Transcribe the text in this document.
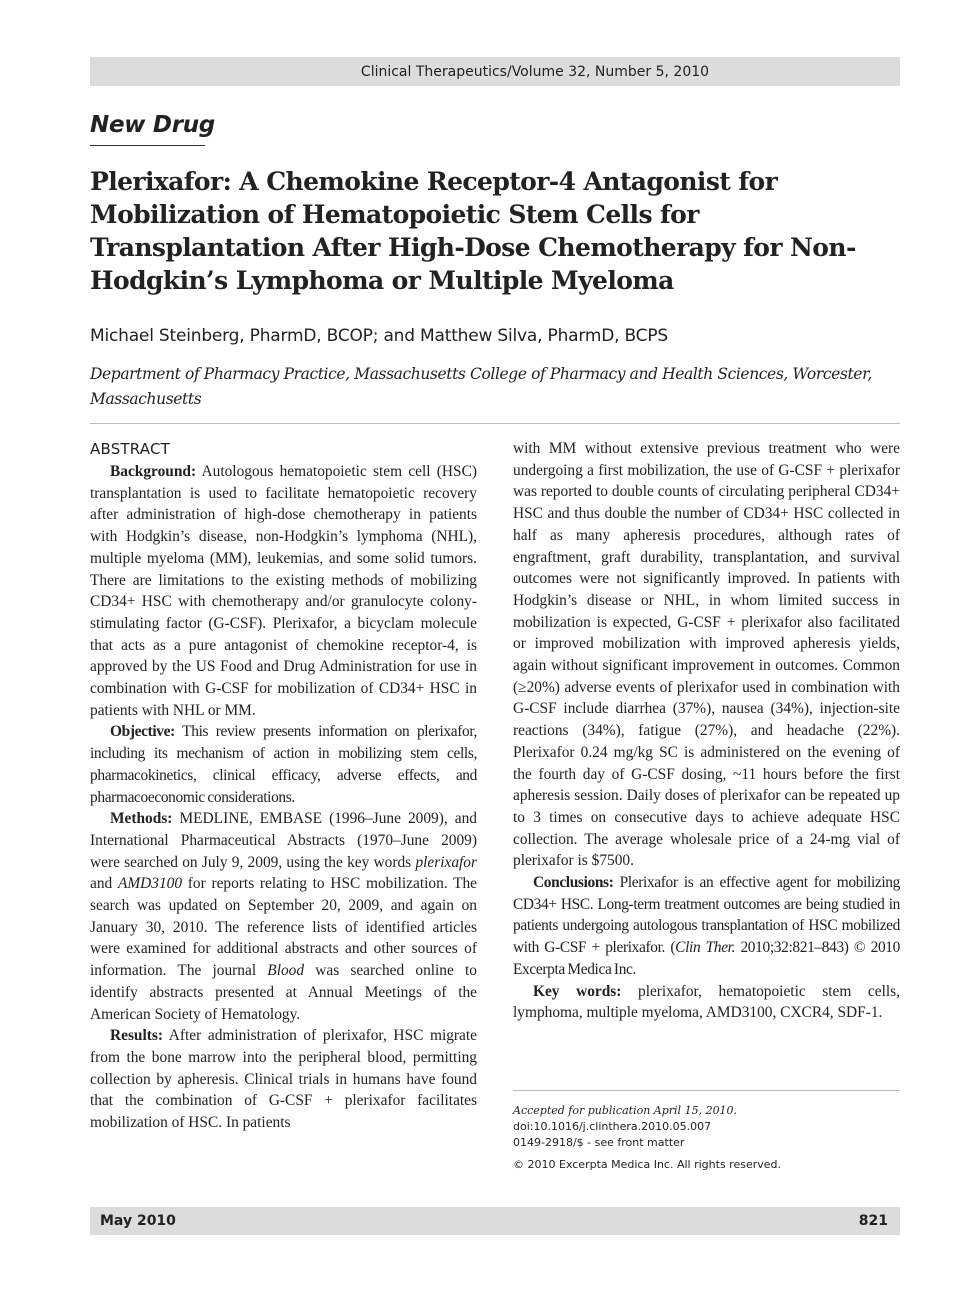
Clinical Therapeutics/Volume 32, Number 5, 2010
New Drug
Plerixafor: A Chemokine Receptor-4 Antagonist for Mobilization of Hematopoietic Stem Cells for Transplantation After High-Dose Chemotherapy for Non-Hodgkin’s Lymphoma or Multiple Myeloma
Michael Steinberg, PharmD, BCOP; and Matthew Silva, PharmD, BCPS
Department of Pharmacy Practice, Massachusetts College of Pharmacy and Health Sciences, Worcester, Massachusetts
ABSTRACT

Background: Autologous hematopoietic stem cell (HSC) transplantation is used to facilitate hematopoietic recovery after administration of high-dose chemotherapy in patients with Hodgkin’s disease, non-Hodgkin’s lymphoma (NHL), multiple myeloma (MM), leukemias, and some solid tumors. There are limitations to the existing methods of mobilizing CD34+ HSC with chemotherapy and/or granulocyte colony-stimulating factor (G-CSF). Plerixafor, a bicyclam molecule that acts as a pure antagonist of chemokine receptor-4, is approved by the US Food and Drug Administration for use in combination with G-CSF for mobilization of CD34+ HSC in patients with NHL or MM.

Objective: This review presents information on plerixafor, including its mechanism of action in mobilizing stem cells, pharmacokinetics, clinical efficacy, adverse effects, and pharmacoeconomic considerations.

Methods: MEDLINE, EMBASE (1996–June 2009), and International Pharmaceutical Abstracts (1970–June 2009) were searched on July 9, 2009, using the key words plerixafor and AMD3100 for reports relating to HSC mobilization. The search was updated on September 20, 2009, and again on January 30, 2010. The reference lists of identified articles were examined for additional abstracts and other sources of information. The journal Blood was searched online to identify abstracts presented at Annual Meetings of the American Society of Hematology.

Results: After administration of plerixafor, HSC migrate from the bone marrow into the peripheral blood, permitting collection by apheresis. Clinical trials in humans have found that the combination of G-CSF + plerixafor facilitates mobilization of HSC. In patients

with MM without extensive previous treatment who were undergoing a first mobilization, the use of G-CSF + plerixafor was reported to double counts of circulating peripheral CD34+ HSC and thus double the number of CD34+ HSC collected in half as many apheresis procedures, although rates of engraftment, graft durability, transplantation, and survival outcomes were not significantly improved. In patients with Hodgkin’s disease or NHL, in whom limited success in mobilization is expected, G-CSF + plerixafor also facilitated or improved mobilization with improved apheresis yields, again without significant improvement in outcomes. Common (≥20%) adverse events of plerixafor used in combination with G-CSF include diarrhea (37%), nausea (34%), injection-site reactions (34%), fatigue (27%), and headache (22%). Plerixafor 0.24 mg/kg SC is administered on the evening of the fourth day of G-CSF dosing, ~11 hours before the first apheresis session. Daily doses of plerixafor can be repeated up to 3 times on consecutive days to achieve adequate HSC collection. The average wholesale price of a 24-mg vial of plerixafor is $7500.

Conclusions: Plerixafor is an effective agent for mobilizing CD34+ HSC. Long-term treatment outcomes are being studied in patients undergoing autologous transplantation of HSC mobilized with G-CSF + plerixafor. (Clin Ther. 2010;32:821–843) © 2010 Excerpta Medica Inc.

Key words: plerixafor, hematopoietic stem cells, lymphoma, multiple myeloma, AMD3100, CXCR4, SDF-1.

Accepted for publication April 15, 2010.
doi:10.1016/j.clinthera.2010.05.007
0149-2918/$ - see front matter
© 2010 Excerpta Medica Inc. All rights reserved.
May 2010	821
